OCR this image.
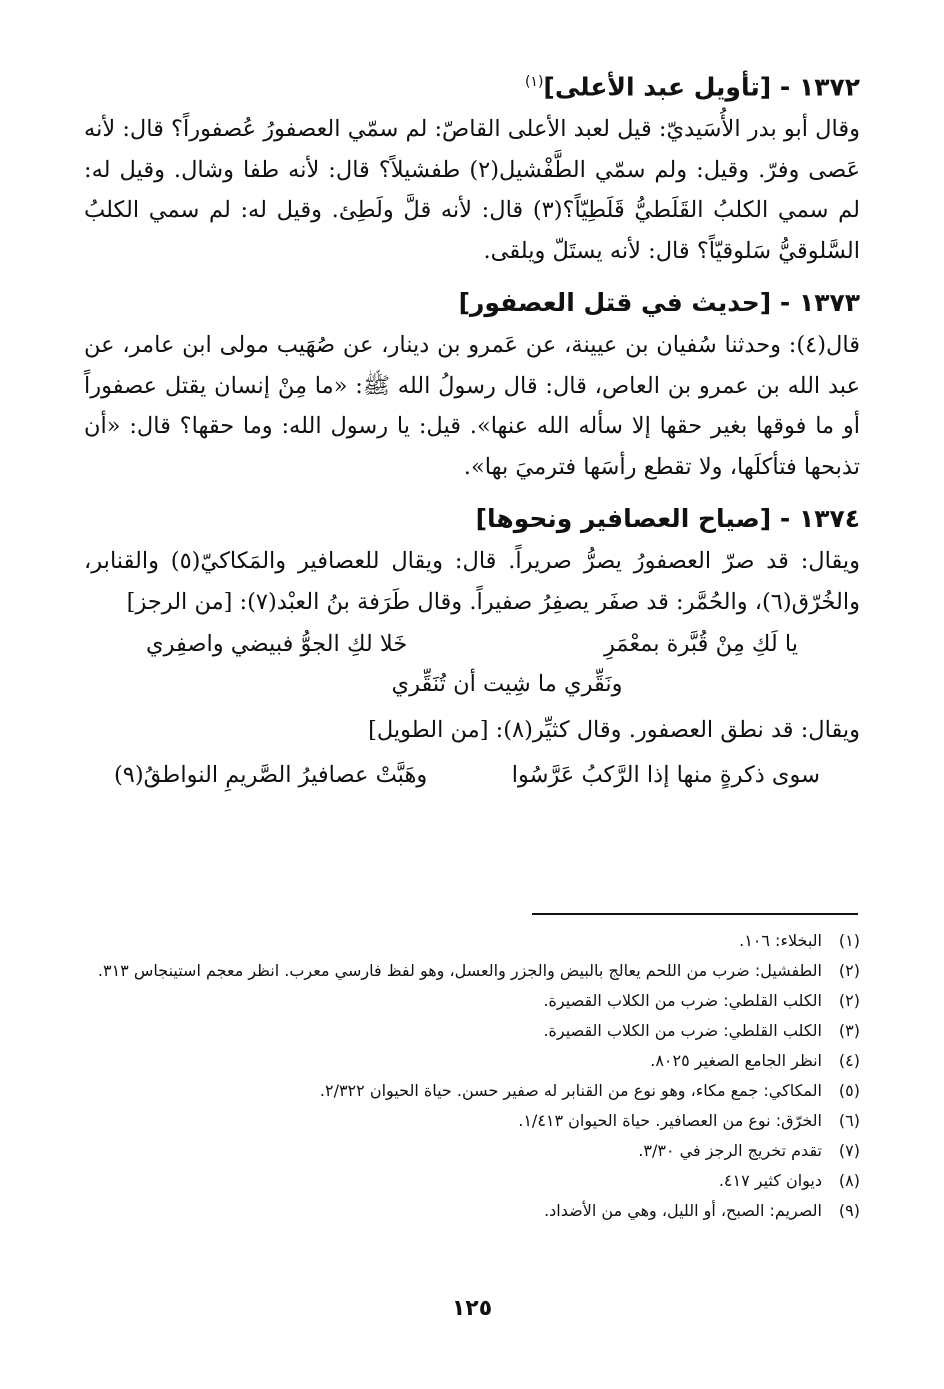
١٣٧٢ - [تأويل عبد الأعلى]$^{(١)}$

وقال أبو بدر الأُسَيديّ: قيل لعبد الأعلى القاصّ: لم سمّي العصفورُ عُصفوراً؟ قال: لأنه عَصى وفرّ. وقيل: ولم سمّي الطَّفْشيل(٢) طفشيلاً؟ قال: لأنه طفا وشال. وقيل له: لم سمي الكلبُ القَلَطيُّ قَلَطِيّاً؟(٣) قال: لأنه قلَّ ولَطِئ. وقيل له: لم سمي الكلبُ السَّلوقيُّ سَلوقيّاً؟ قال: لأنه يستَلّ ويلقى.

١٣٧٣ - [حديث في قتل العصفور]

قال(٤): وحدثنا سُفيان بن عيينة، عن عَمرو بن دينار، عن صُهَيب مولى ابن عامر، عن عبد الله بن عمرو بن العاص، قال: قال رسولُ الله ﷺ: «ما مِنْ إنسان يقتل عصفوراً أو ما فوقها بغير حقها إلا سأله الله عنها». قيل: يا رسول الله: وما حقها؟ قال: «أن تذبحها فتأكلَها، ولا تقطع رأسَها فترميَ بها».

١٣٧٤ - [صياح العصافير ونحوها]

ويقال: قد صرّ العصفورُ يصرُّ صريراً. قال: ويقال للعصافير والمَكاكيّ(٥) والقنابر، والخُرّق(٦)، والحُمَّر: قد صفَر يصفِرُ صفيراً. وقال طَرَفة بنُ العبْد(٧): [من الرجز]

يا لَكِ مِنْ قُبَّرة بمعْمَرِ
خَلا لكِ الجوُّ فبيضي واصفِري
ونَقِّري ما شِيت أن تُنَقِّري

ويقال: قد نطق العصفور. وقال كثيِّر(٨): [من الطويل]

سوى ذكرةٍ منها إذا الرَّكبُ عَرَّسُوا
وهَبَّتْ عصافيرُ الصَّريمِ النواطقُ(٩)
(١)
البخلاء: ١٠٦.
(٢)
الطفشيل: ضرب من اللحم يعالج بالبيض والجزر والعسل، وهو لفظ فارسي معرب. انظر معجم استينجاس ٣١٣.
(٢)
الكلب القلطي: ضرب من الكلاب القصيرة.
(٣)
الكلب القلطي: ضرب من الكلاب القصيرة.
(٤)
انظر الجامع الصغير ٨٠٢٥.
(٥)
المكاكي: جمع مكاء، وهو نوع من القنابر له صفير حسن. حياة الحيوان ٢/٣٢٢.
(٦)
الخرّق: نوع من العصافير. حياة الحيوان ١/٤١٣.
(٧)
تقدم تخريج الرجز في ٣/٣٠.
(٨)
ديوان كثير ٤١٧.
(٩)
الصريم: الصبح، أو الليل، وهي من الأضداد.
١٢٥
